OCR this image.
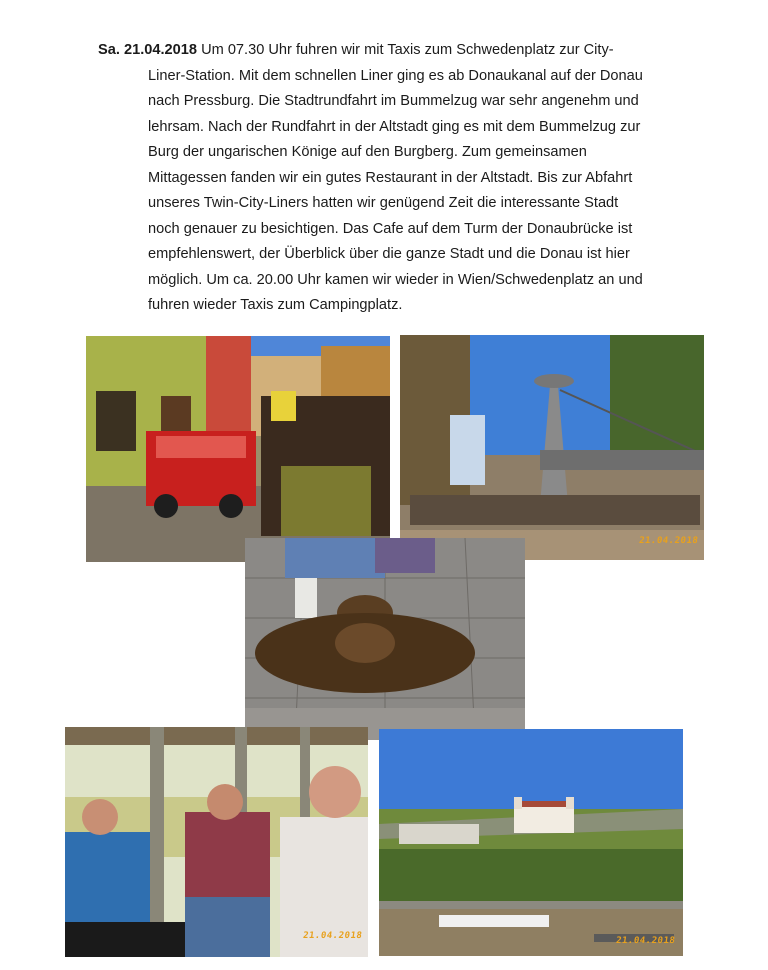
Sa. 21.04.2018 Um 07.30 Uhr fuhren wir mit Taxis zum Schwedenplatz zur City-
Liner-Station. Mit dem schnellen Liner ging es ab Donaukanal auf der Donau
nach Pressburg. Die Stadtrundfahrt im Bummelzug war sehr angenehm und
lehrsam. Nach der Rundfahrt in der Altstadt ging es mit dem Bummelzug zur
Burg der ungarischen Könige auf den Burgberg. Zum gemeinsamen
Mittagessen fanden wir ein gutes Restaurant in der Altstadt. Bis zur Abfahrt
unseres Twin-City-Liners hatten wir genügend Zeit die interessante Stadt
noch genauer zu besichtigen. Das Cafe auf dem Turm der Donaubrücke ist
empfehlenswert, der Überblick über die ganze Stadt und die Donau ist hier
möglich. Um ca. 20.00 Uhr kamen wir wieder in Wien/Schwedenplatz an und
fuhren wieder Taxis zum Campingplatz.
21.04.2018
21.04.2018	21.04.2018
